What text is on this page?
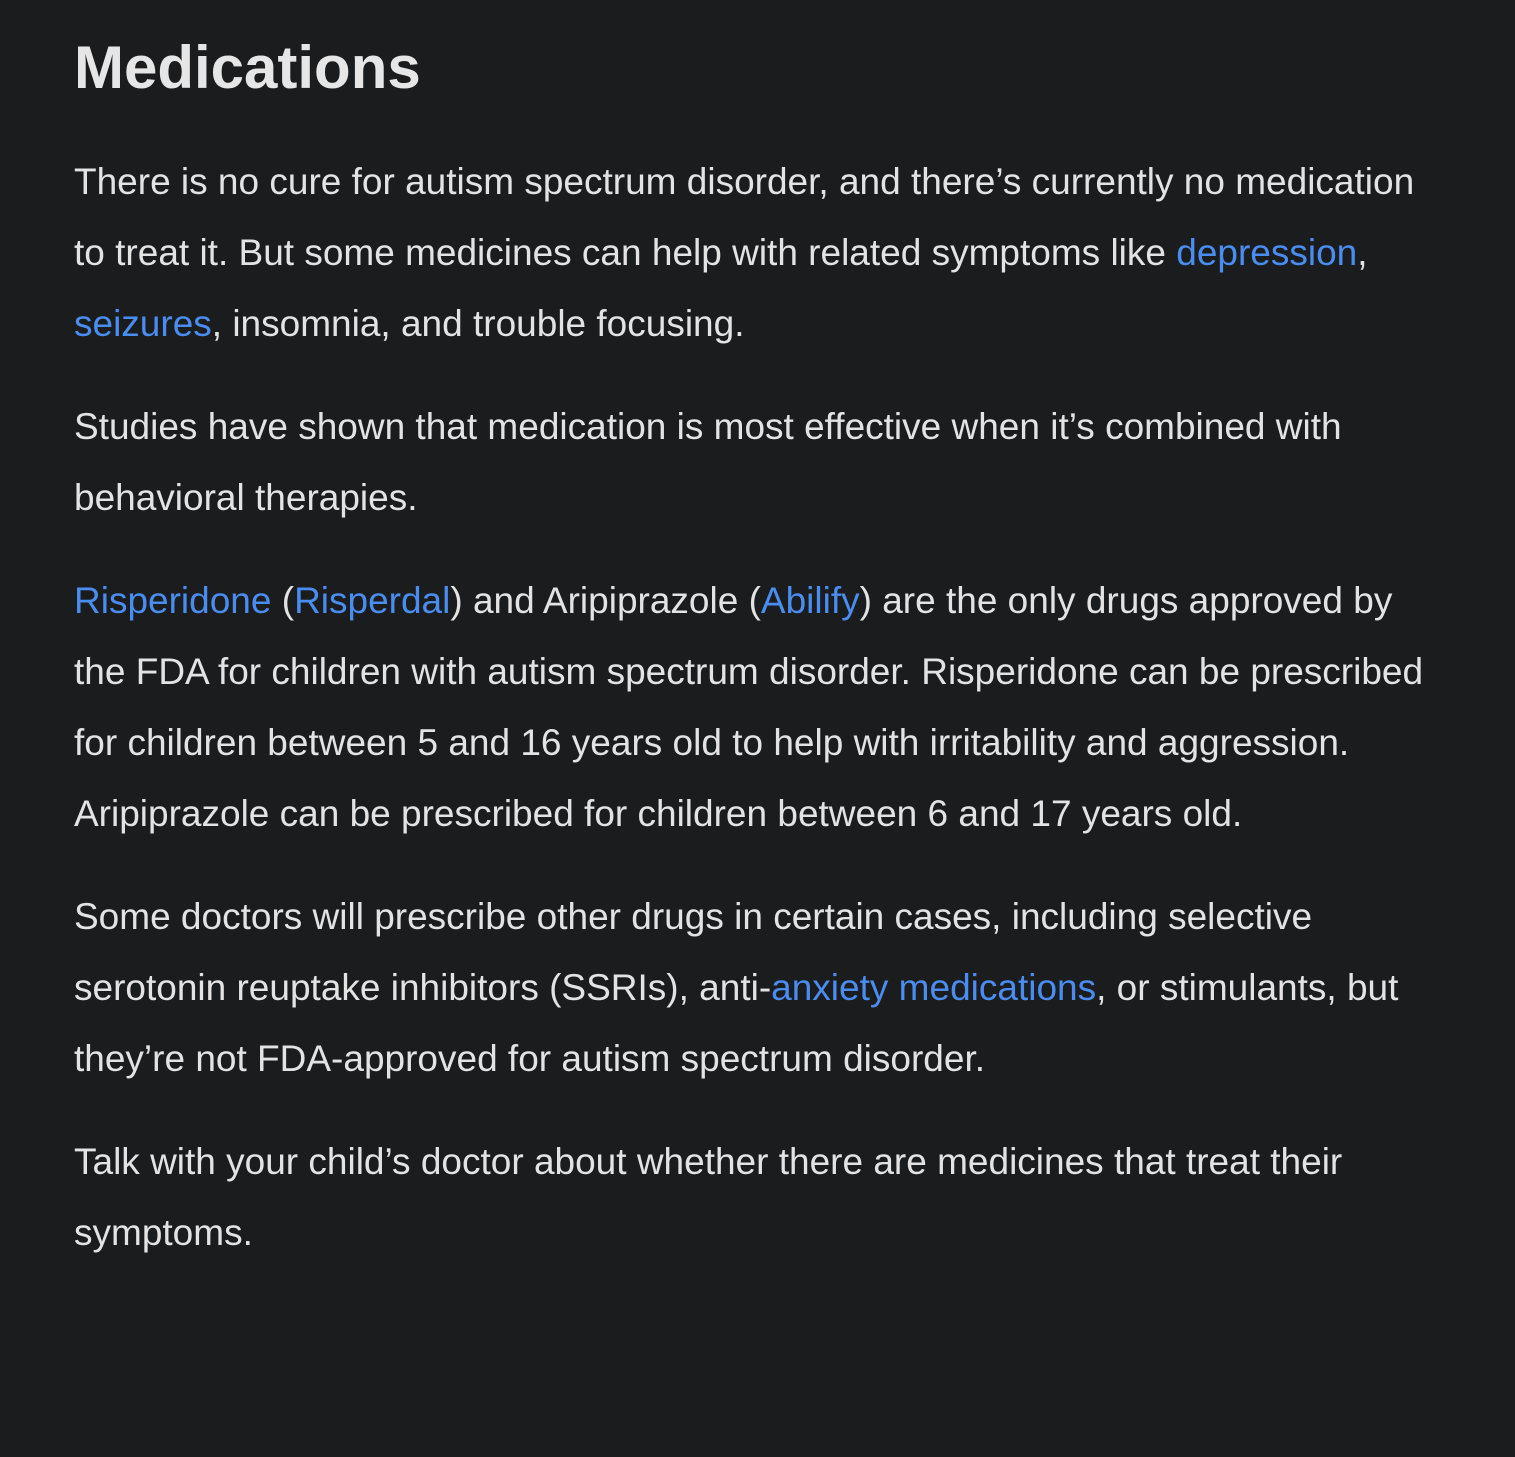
Medications

There is no cure for autism spectrum disorder, and there’s currently no medication to treat it. But some medicines can help with related symptoms like depression, seizures, insomnia, and trouble focusing.

Studies have shown that medication is most effective when it’s combined with behavioral therapies.

Risperidone (Risperdal) and Aripiprazole (Abilify) are the only drugs approved by the FDA for children with autism spectrum disorder. Risperidone can be prescribed for children between 5 and 16 years old to help with irritability and aggression. Aripiprazole can be prescribed for children between 6 and 17 years old.

Some doctors will prescribe other drugs in certain cases, including selective serotonin reuptake inhibitors (SSRIs), anti-anxiety medications, or stimulants, but they’re not FDA-approved for autism spectrum disorder.

Talk with your child’s doctor about whether there are medicines that treat their symptoms.
